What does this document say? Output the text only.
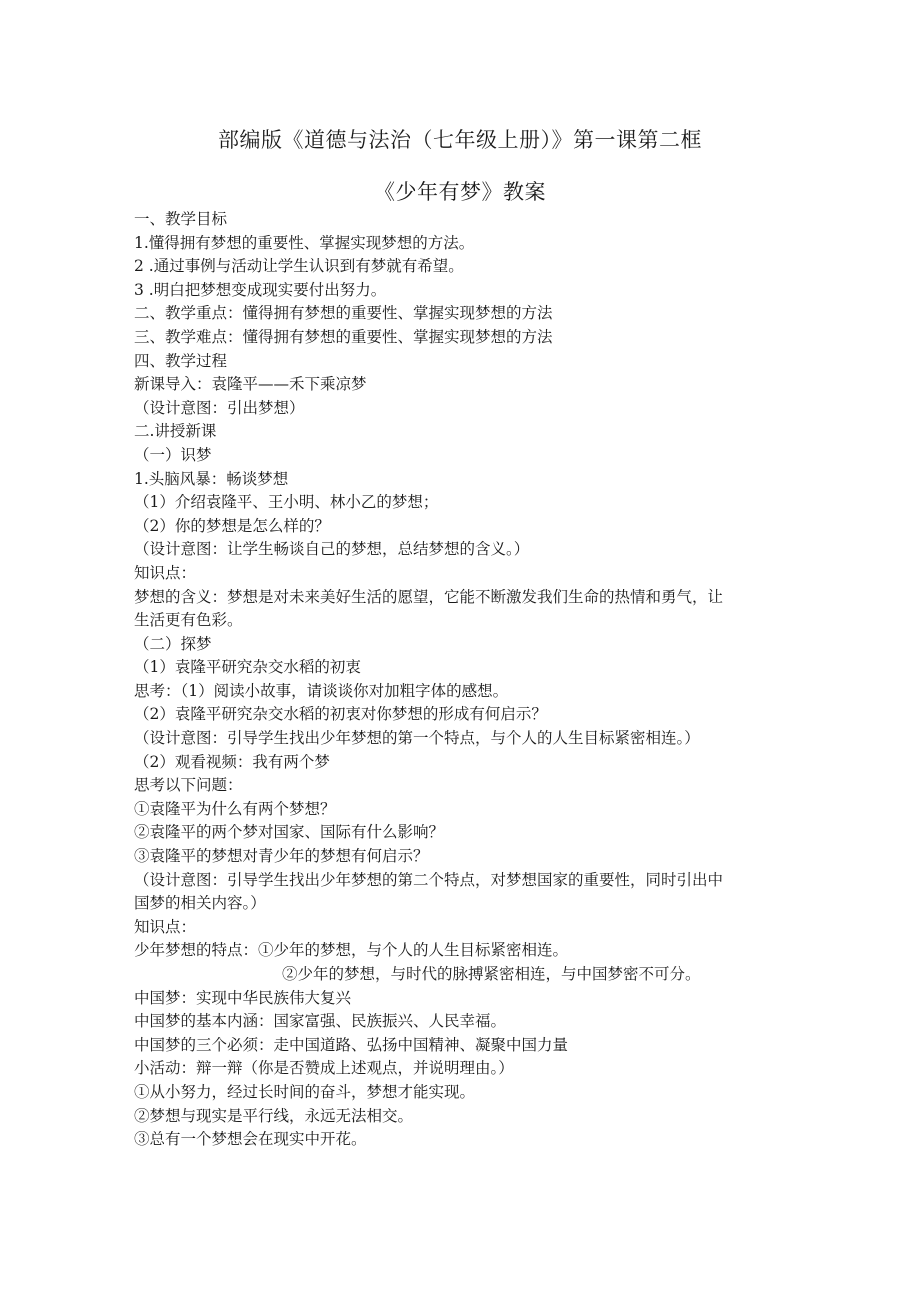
部编版《道德与法治（七年级上册）》第一课第二框
《少年有梦》教案
一、教学目标
1.懂得拥有梦想的重要性、掌握实现梦想的方法。
2 .通过事例与活动让学生认识到有梦就有希望。
3 .明白把梦想变成现实要付出努力。
二、教学重点：懂得拥有梦想的重要性、掌握实现梦想的方法
三、教学难点：懂得拥有梦想的重要性、掌握实现梦想的方法
四、教学过程
新课导入：袁隆平——禾下乘凉梦
（设计意图：引出梦想）
二.讲授新课
（一）识梦
1.头脑风暴：畅谈梦想
（1）介绍袁隆平、王小明、林小乙的梦想；
（2）你的梦想是怎么样的？
（设计意图：让学生畅谈自己的梦想，总结梦想的含义。）
知识点：
梦想的含义：梦想是对未来美好生活的愿望，它能不断激发我们生命的热情和勇气，让
生活更有色彩。
（二）探梦
（1）袁隆平研究杂交水稻的初衷
思考：（1）阅读小故事，请谈谈你对加粗字体的感想。
（2）袁隆平研究杂交水稻的初衷对你梦想的形成有何启示？
（设计意图：引导学生找出少年梦想的第一个特点，与个人的人生目标紧密相连。）
（2）观看视频：我有两个梦
思考以下问题：
①袁隆平为什么有两个梦想？
②袁隆平的两个梦对国家、国际有什么影响？
③袁隆平的梦想对青少年的梦想有何启示？
（设计意图：引导学生找出少年梦想的第二个特点，对梦想国家的重要性，同时引出中
国梦的相关内容。）
知识点：
少年梦想的特点：①少年的梦想，与个人的人生目标紧密相连。
②少年的梦想，与时代的脉搏紧密相连，与中国梦密不可分。
中国梦：实现中华民族伟大复兴
中国梦的基本内涵：国家富强、民族振兴、人民幸福。
中国梦的三个必须：走中国道路、弘扬中国精神、凝聚中国力量
小活动：辩一辩（你是否赞成上述观点，并说明理由。）
①从小努力，经过长时间的奋斗，梦想才能实现。
②梦想与现实是平行线，永远无法相交。
③总有一个梦想会在现实中开花。
